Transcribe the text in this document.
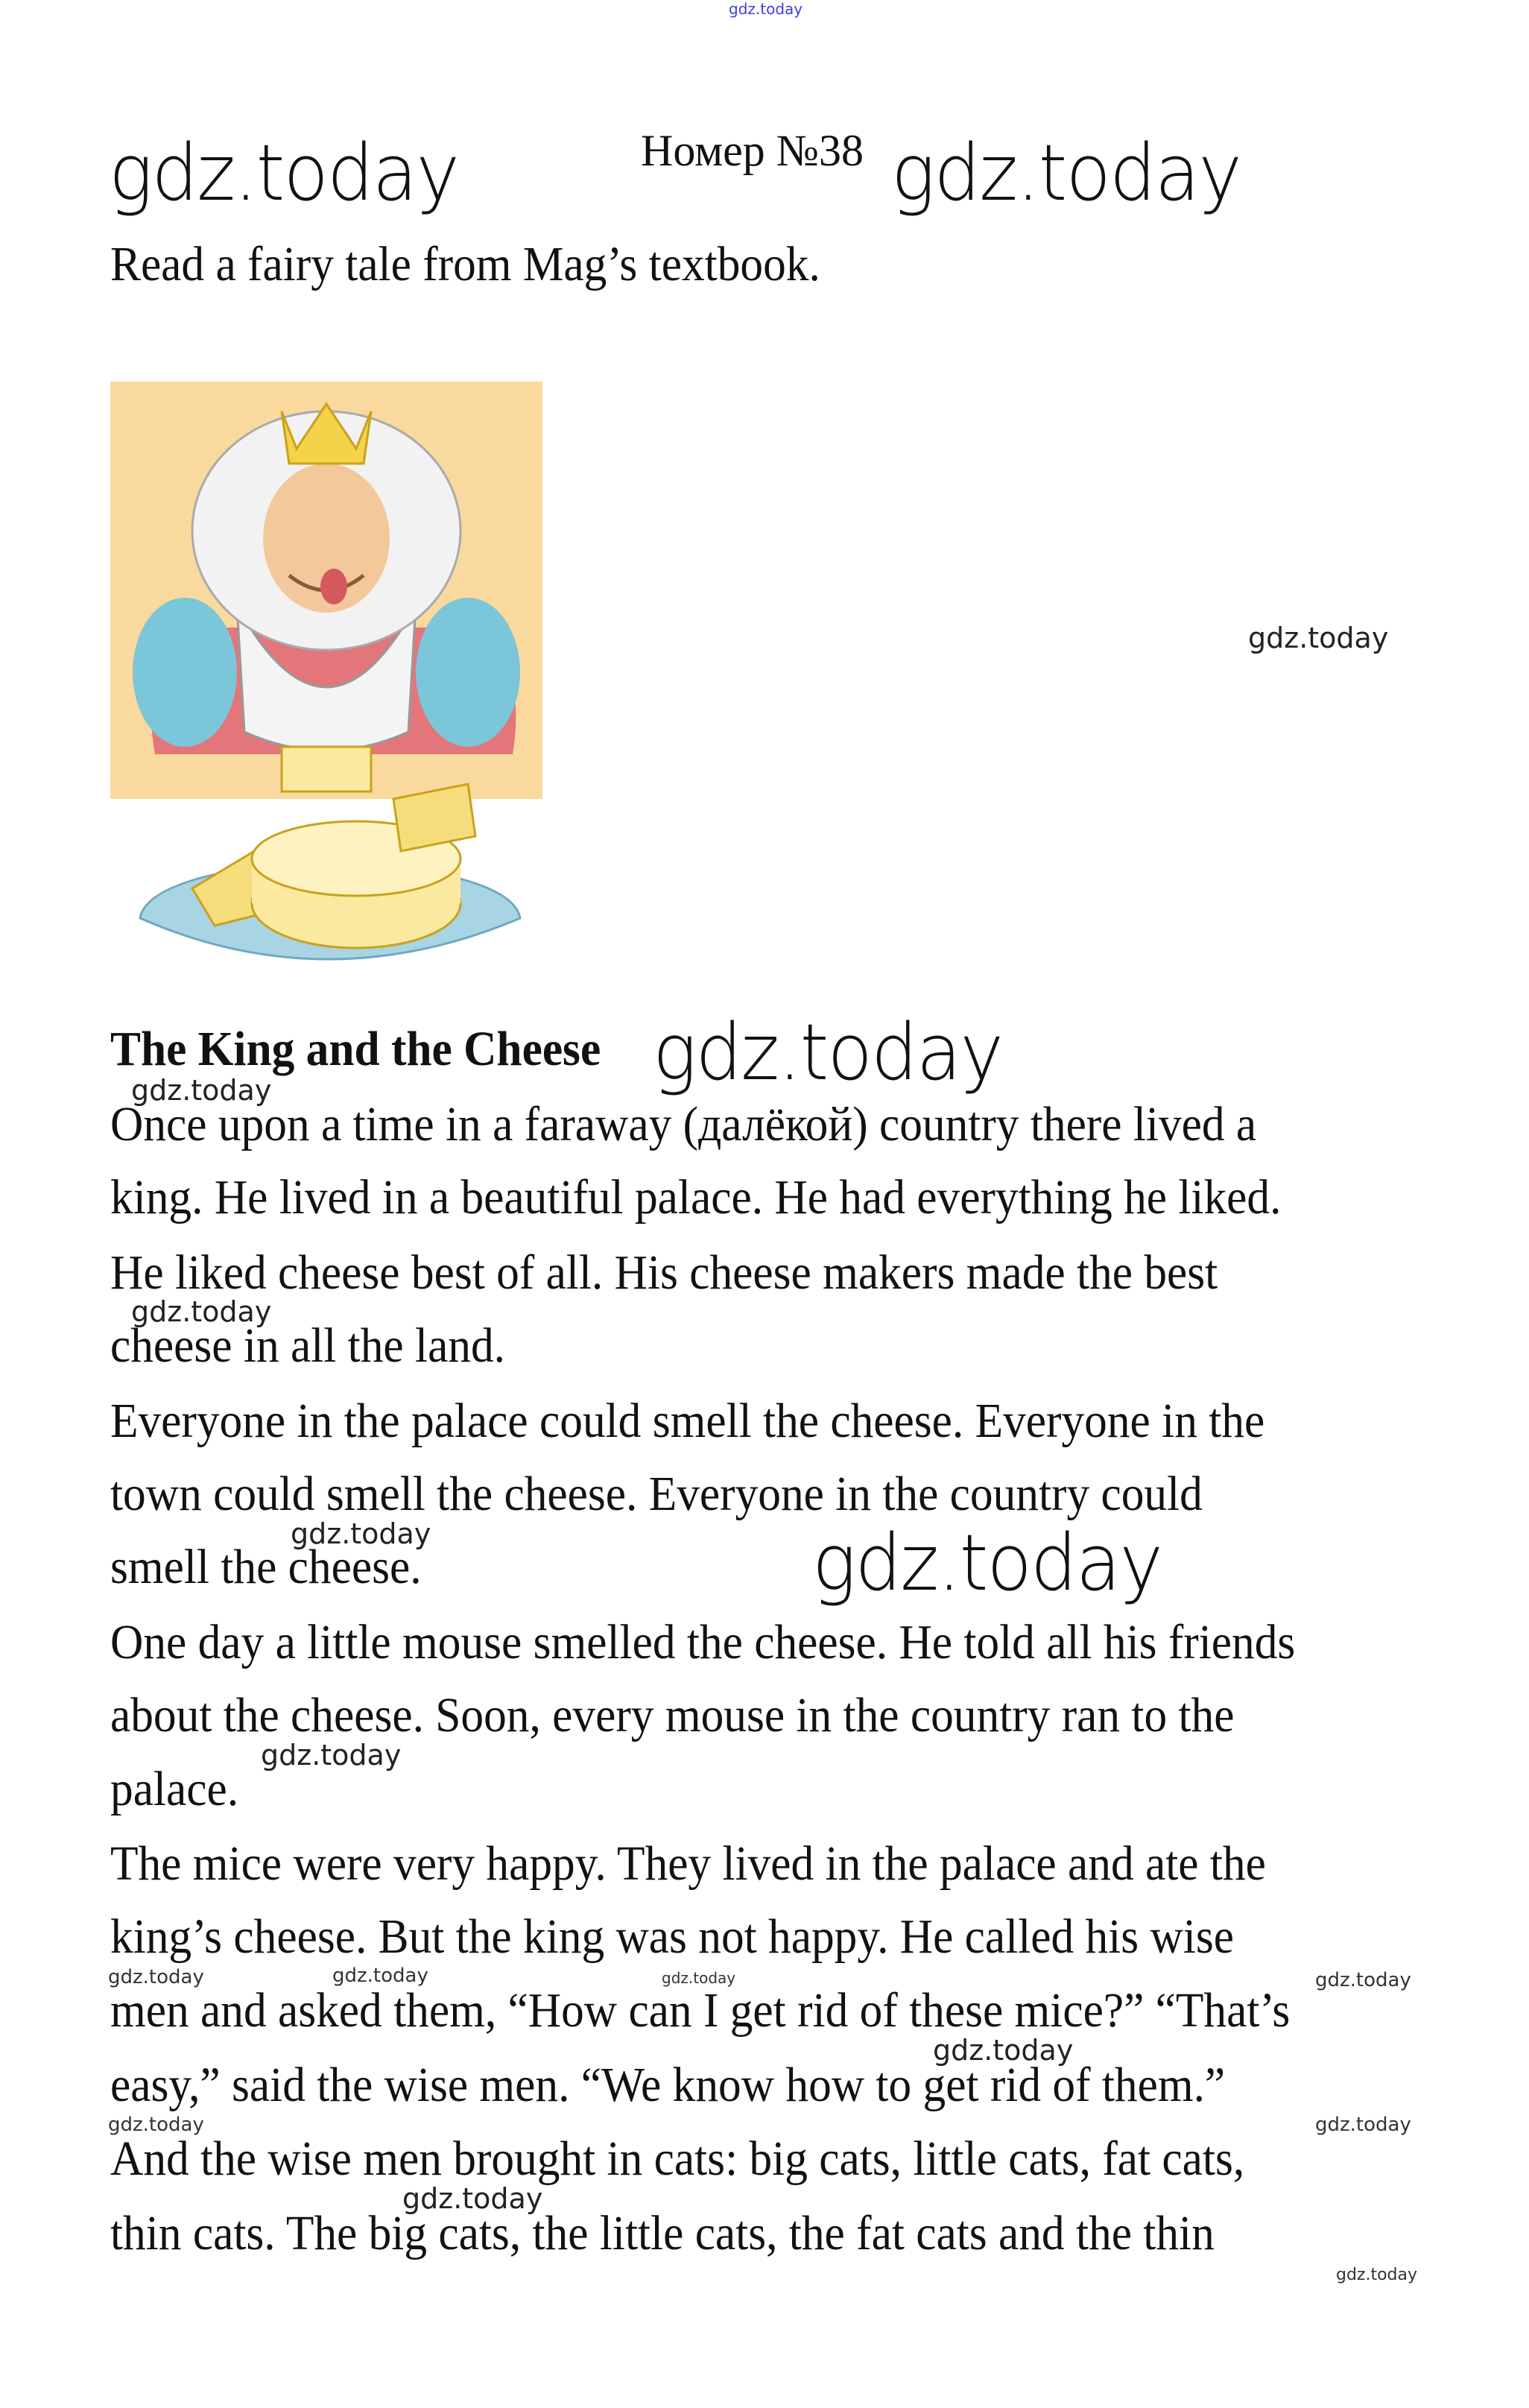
gdz.today
gdz.today	Номер №38 gdz.today
Read a fairy tale from Mag’s textbook.
gdz.today
gdz.today
The King and the Cheese
gdz.today
Once upon a time in a faraway (далёкой) country there lived a
king. He lived in a beautiful palace. He had everything he liked.
He liked cheese best of all. His cheese makers made the best
cheese in all the land.
Everyone in the palace could smell the cheese. Everyone in the
town could smell the cheese. Everyone in the country could
smell the cheese.
One day a little mouse smelled the cheese. He told all his friends
about the cheese. Soon, every mouse in the country ran to the
palace.
The mice were very happy. They lived in the palace and ate the
king’s cheese. But the king was not happy. He called his wise
men and asked them, “How can I get rid of these mice?” “That’s
easy,” said the wise men. “We know how to get rid of them.”
And the wise men brought in cats: big cats, little cats, fat cats,
thin cats. The big cats, the little cats, the fat cats and the thin
gdz.today
gdz.today	gdz.today
gdz.today
gdz.today	gdz.today	gdz.today	gdz.today
gdz.today
gdz.today	gdz.today
gdz.today
gdz.today
